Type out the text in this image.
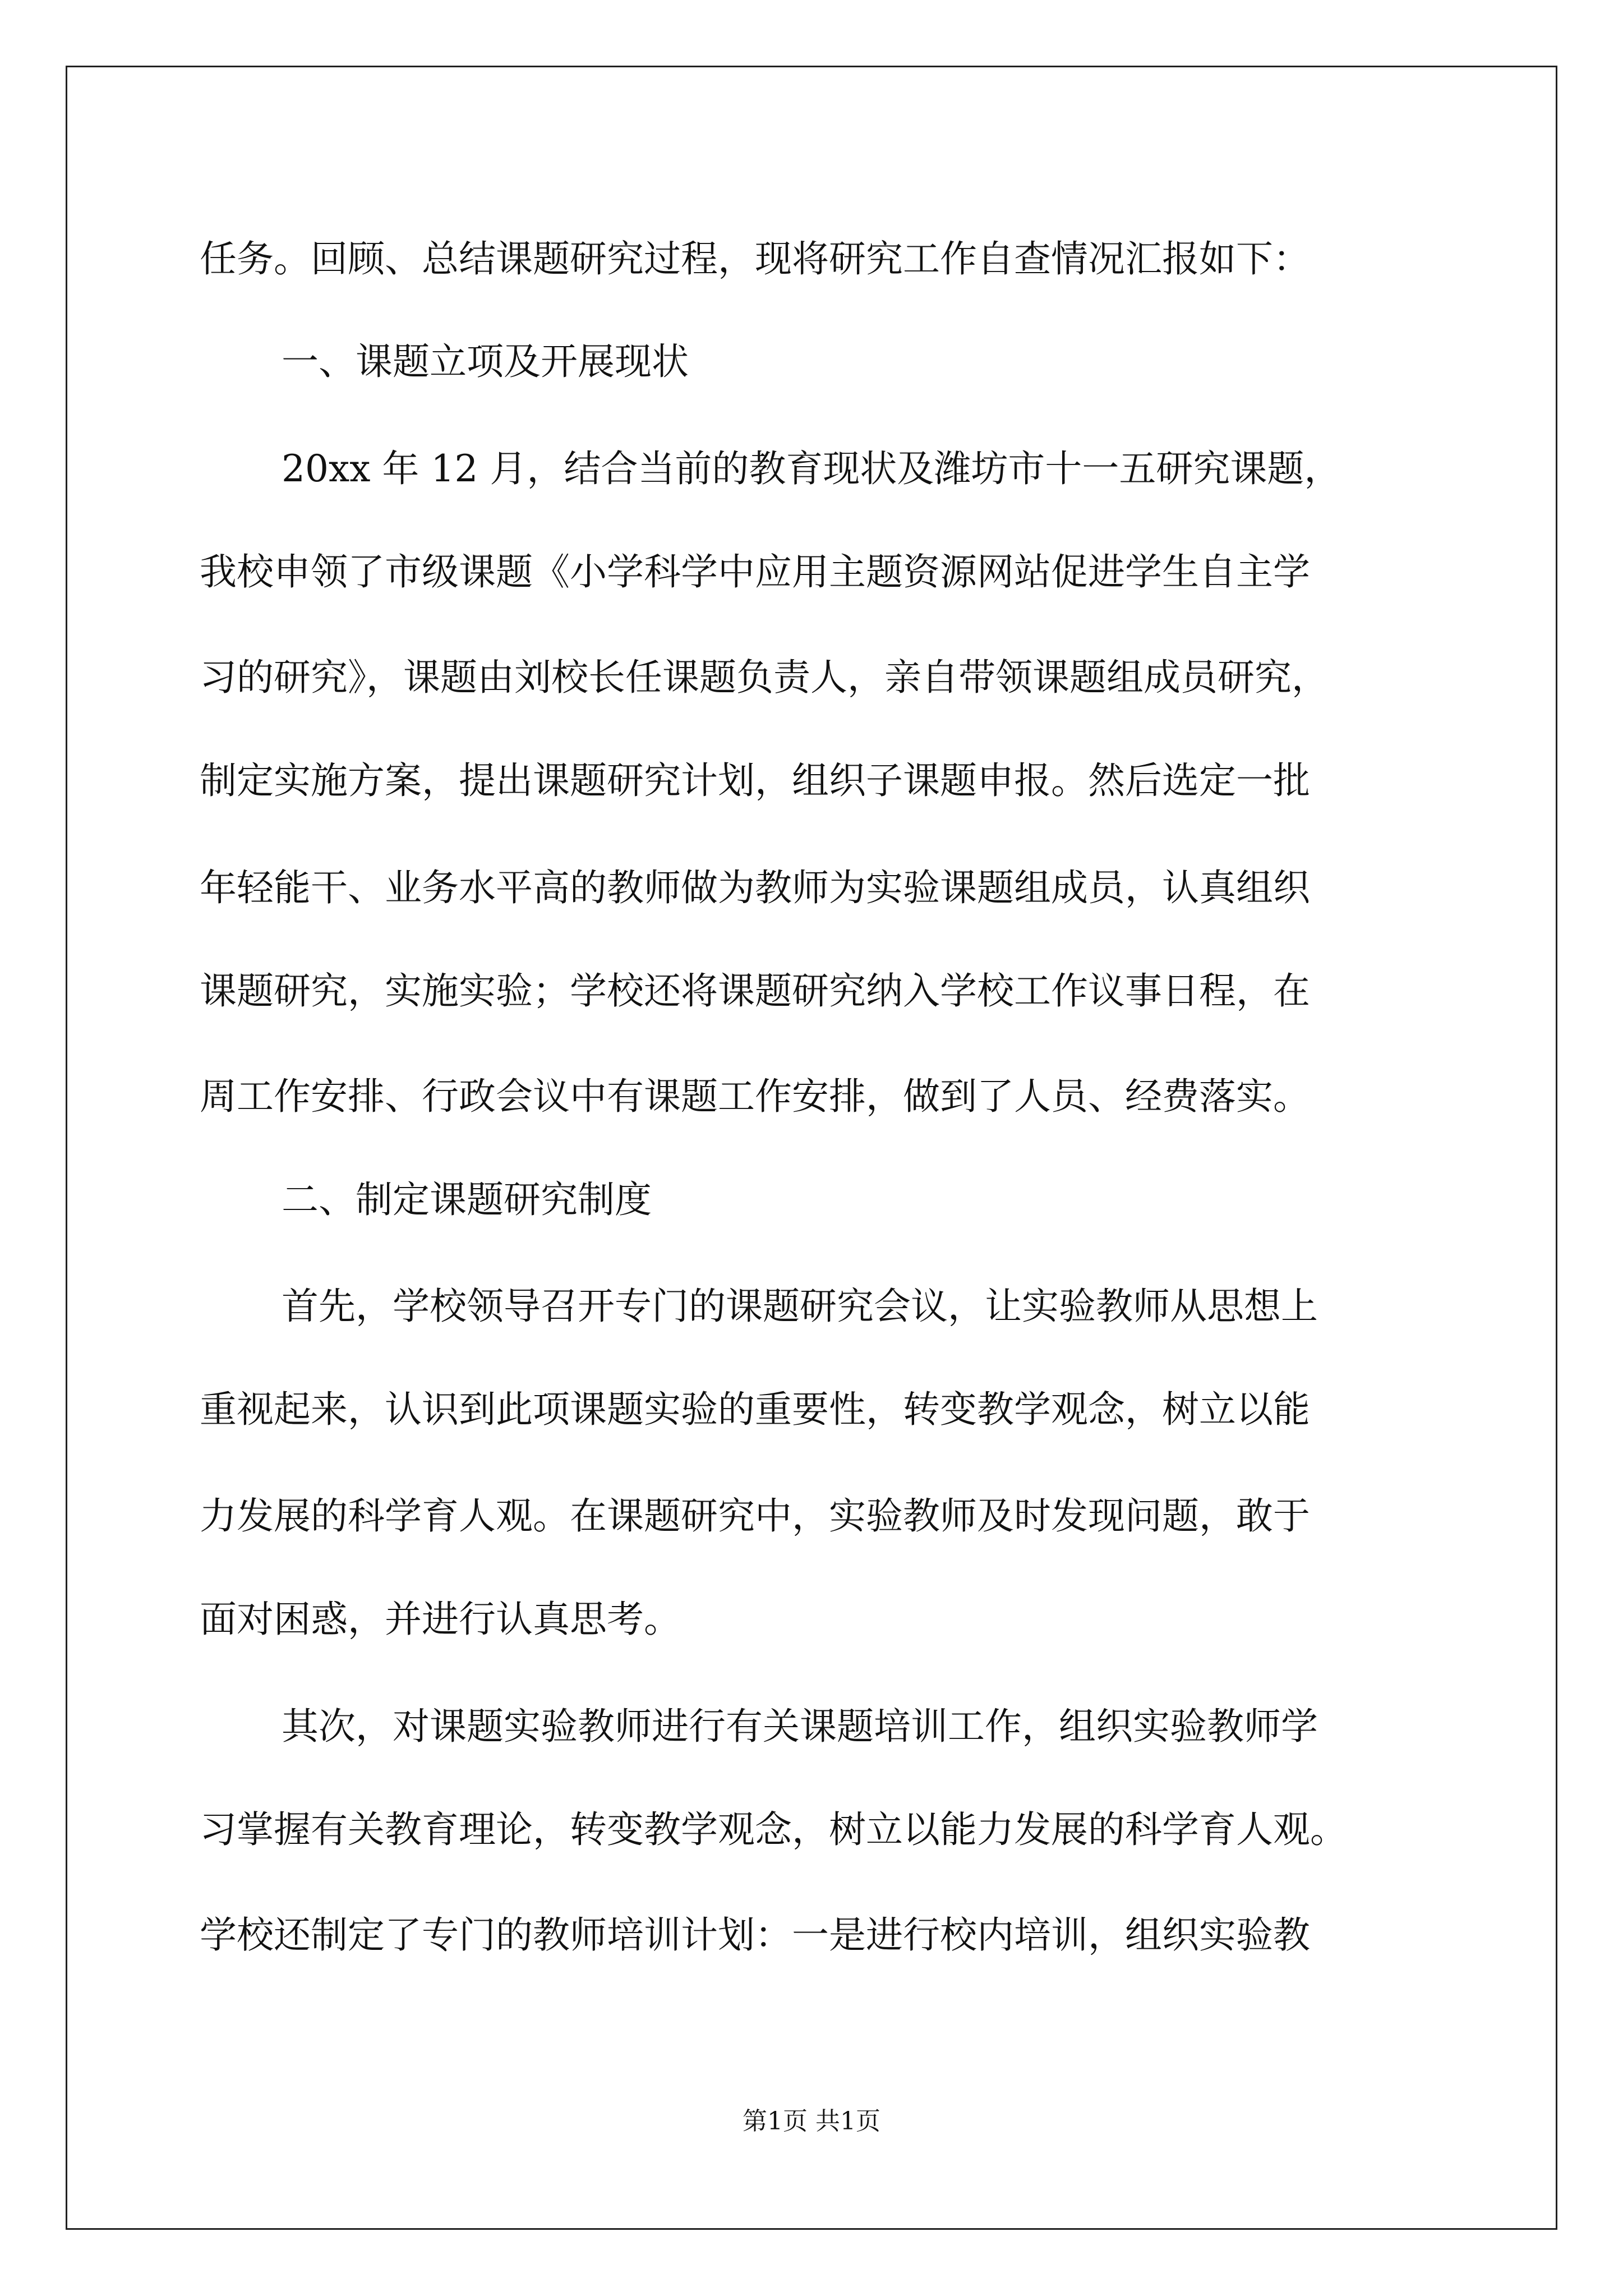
任务。回顾、总结课题研究过程，现将研究工作自查情况汇报如下：
一、课题立项及开展现状
20xx 年 12 月，结合当前的教育现状及潍坊市十一五研究课题，
我校申领了市级课题《小学科学中应用主题资源网站促进学生自主学
习的研究》，课题由刘校长任课题负责人，亲自带领课题组成员研究，
制定实施方案，提出课题研究计划，组织子课题申报。然后选定一批
年轻能干、业务水平高的教师做为教师为实验课题组成员，认真组织
课题研究，实施实验；学校还将课题研究纳入学校工作议事日程，在
周工作安排、行政会议中有课题工作安排，做到了人员、经费落实。
二、制定课题研究制度
首先，学校领导召开专门的课题研究会议，让实验教师从思想上
重视起来，认识到此项课题实验的重要性，转变教学观念，树立以能
力发展的科学育人观。在课题研究中，实验教师及时发现问题，敢于
面对困惑，并进行认真思考。
其次，对课题实验教师进行有关课题培训工作，组织实验教师学
习掌握有关教育理论，转变教学观念，树立以能力发展的科学育人观。
学校还制定了专门的教师培训计划：一是进行校内培训，组织实验教
第1页 共1页
